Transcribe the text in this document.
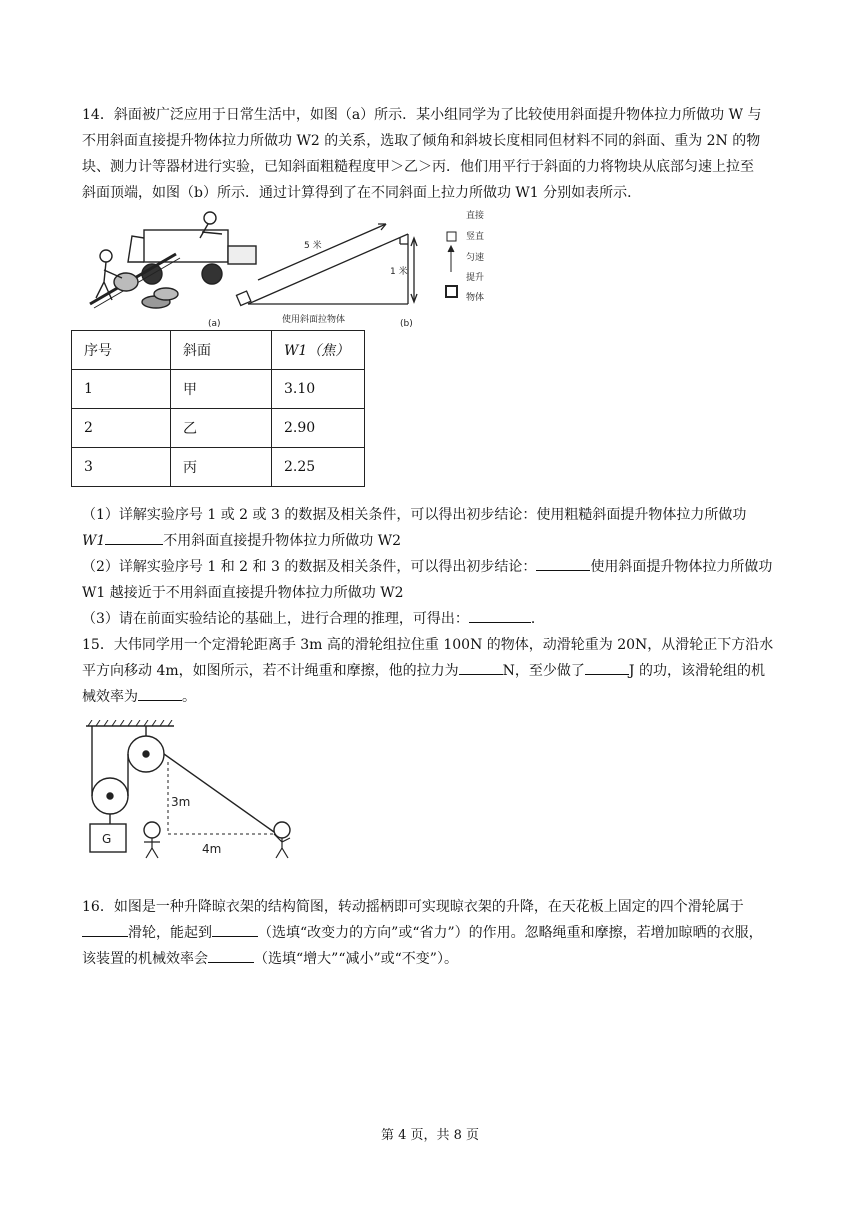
14．斜面被广泛应用于日常生活中，如图（a）所示．某小组同学为了比较使用斜面提升物体拉力所做功 W 与
不用斜面直接提升物体拉力所做功 W2 的关系，选取了倾角和斜坡长度相同但材料不同的斜面、重为 2N 的物
块、测力计等器材进行实验，已知斜面粗糙程度甲＞乙＞丙．他们用平行于斜面的力将物块从底部匀速上拉至
斜面顶端，如图（b）所示．通过计算得到了在不同斜面上拉力所做功 W1 分别如表所示．
(a)
5 米
1 米
使用斜面拉物体	(b)
直接
竖直
匀速
提升
物体
序号	斜面	W1（焦）
1	甲	3.10
2	乙	2.90
3	丙	2.25
（1）详解实验序号 1 或 2 或 3 的数据及相关条件，可以得出初步结论：使用粗糙斜面提升物体拉力所做功
W1	不用斜面直接提升物体拉力所做功 W2
（2）详解实验序号 1 和 2 和 3 的数据及相关条件，可以得出初步结论：	使用斜面提升物体拉力所做功
W1 越接近于不用斜面直接提升物体拉力所做功 W2
（3）请在前面实验结论的基础上，进行合理的推理，可得出：	．
15．大伟同学用一个定滑轮距离手 3m 高的滑轮组拉住重 100N 的物体，动滑轮重为 20N，从滑轮正下方沿水
平方向移动 4m，如图所示，若不计绳重和摩擦，他的拉力为	N，至少做了	J 的功，该滑轮组的机
械效率为	。
G
3m
4m
16．如图是一种升降晾衣架的结构简图，转动摇柄即可实现晾衣架的升降，在天花板上固定的四个滑轮属于
滑轮，能起到	（选填“改变力的方向”或“省力”）的作用。忽略绳重和摩擦，若增加晾晒的衣服，
该装置的机械效率会	（选填“增大”“减小”或“不变”）。
第 4 页，共 8 页
